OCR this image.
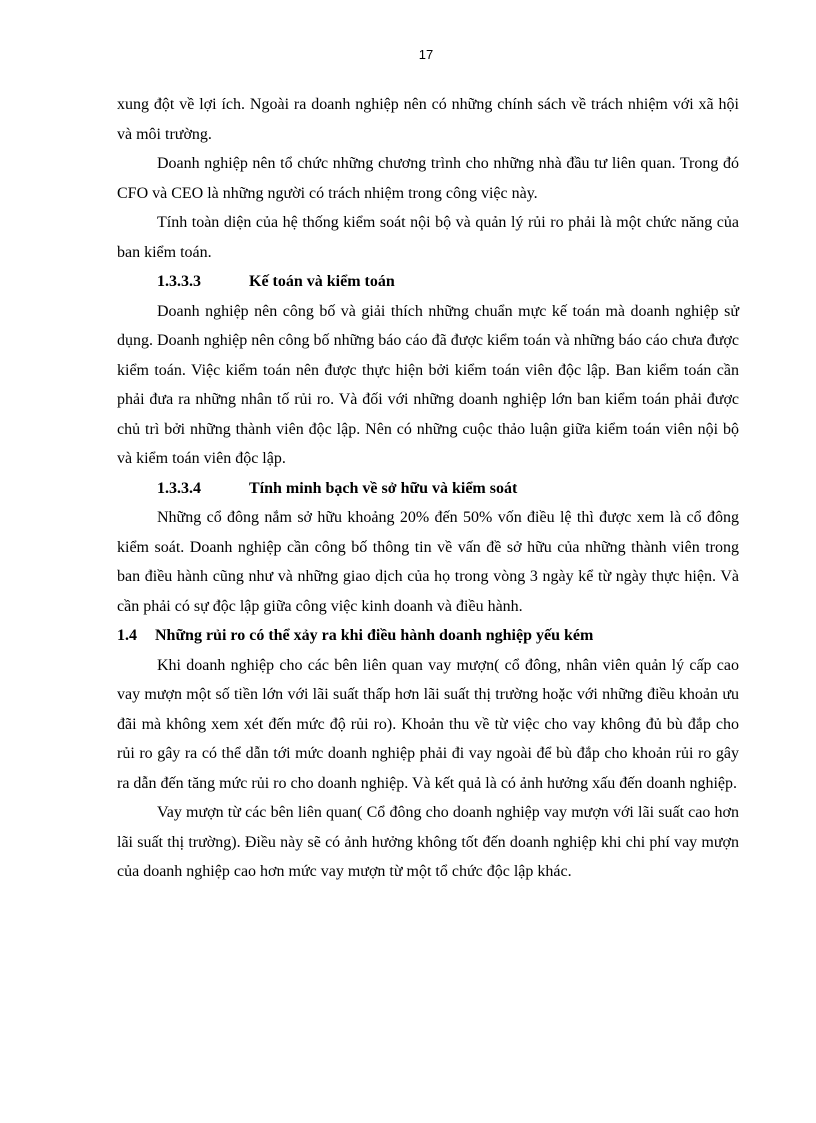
17

xung đột về lợi ích. Ngoài ra doanh nghiệp nên có những chính sách về trách nhiệm với xã hội và môi trường.

Doanh nghiệp nên tổ chức những chương trình cho những nhà đầu tư liên quan. Trong đó CFO và CEO là những người có trách nhiệm trong công việc này.

Tính toàn diện của hệ thống kiểm soát nội bộ và quản lý rủi ro phải là một chức năng của ban kiểm toán.

1.3.3.3	Kế toán và kiểm toán

Doanh nghiệp nên công bố và giải thích những chuẩn mực kế toán mà doanh nghiệp sử dụng. Doanh nghiệp nên công bố những báo cáo đã được kiểm toán và những báo cáo chưa được kiểm toán. Việc kiểm toán nên được thực hiện bởi kiểm toán viên độc lập. Ban kiểm toán cần phải đưa ra những nhân tố rủi ro. Và đối với những doanh nghiệp lớn ban kiểm toán phải được chủ trì bởi những thành viên độc lập. Nên có những cuộc thảo luận giữa kiểm toán viên nội bộ và kiểm toán viên độc lập.

1.3.3.4	Tính minh bạch về sở hữu và kiểm soát

Những cổ đông nắm sở hữu khoảng 20% đến 50% vốn điều lệ thì được xem là cổ đông kiểm soát. Doanh nghiệp cần công bố thông tin về vấn đề sở hữu của những thành viên trong ban điều hành cũng như và những giao dịch của họ trong vòng 3 ngày kể từ ngày thực hiện. Và cần phải có sự độc lập giữa công việc kinh doanh và điều hành.

1.4 Những rủi ro có thể xảy ra khi điều hành doanh nghiệp yếu kém

Khi doanh nghiệp cho các bên liên quan vay mượn( cổ đông, nhân viên quản lý cấp cao vay mượn một số tiền lớn với lãi suất thấp hơn lãi suất thị trường hoặc với những điều khoản ưu đãi mà không xem xét đến mức độ rủi ro). Khoản thu về từ việc cho vay không đủ bù đắp cho rủi ro gây ra có thể dẫn tới mức doanh nghiệp phải đi vay ngoài để bù đắp cho khoản rủi ro gây ra dẫn đến tăng mức rủi ro cho doanh nghiệp. Và kết quả là có ảnh hưởng xấu đến doanh nghiệp.

Vay mượn từ các bên liên quan( Cổ đông cho doanh nghiệp vay mượn với lãi suất cao hơn lãi suất thị trường). Điều này sẽ có ảnh hưởng không tốt đến doanh nghiệp khi chi phí vay mượn của doanh nghiệp cao hơn mức vay mượn từ một tổ chức độc lập khác.
